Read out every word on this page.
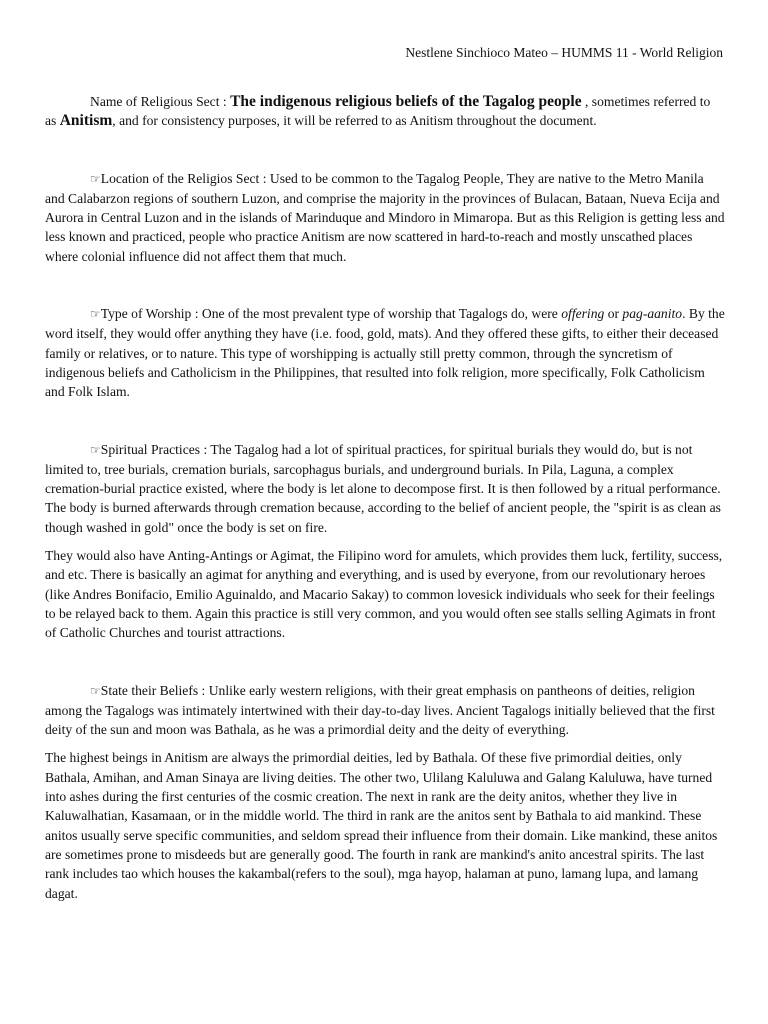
Nestlene Sinchioco Mateo – HUMMS 11 - World Religion

Name of Religious Sect : The indigenous religious beliefs of the Tagalog people , sometimes referred to as Anitism, and for consistency purposes, it will be referred to as Anitism throughout the document.

☞Location of the Religios Sect : Used to be common to the Tagalog People, They are native to the Metro Manila and Calabarzon regions of southern Luzon, and comprise the majority in the provinces of Bulacan, Bataan, Nueva Ecija and Aurora in Central Luzon and in the islands of Marinduque and Mindoro in Mimaropa. But as this Religion is getting less and less known and practiced, people who practice Anitism are now scattered in hard-to-reach and mostly unscathed places where colonial influence did not affect them that much.

☞Type of Worship : One of the most prevalent type of worship that Tagalogs do, were offering or pag-aanito. By the word itself, they would offer anything they have (i.e. food, gold, mats). And they offered these gifts, to either their deceased family or relatives, or to nature. This type of worshipping is actually still pretty common, through the syncretism of indigenous beliefs and Catholicism in the Philippines, that resulted into folk religion, more specifically, Folk Catholicism and Folk Islam.

☞Spiritual Practices : The Tagalog had a lot of spiritual practices, for spiritual burials they would do, but is not limited to, tree burials, cremation burials, sarcophagus burials, and underground burials. In Pila, Laguna, a complex cremation-burial practice existed, where the body is let alone to decompose first. It is then followed by a ritual performance. The body is burned afterwards through cremation because, according to the belief of ancient people, the "spirit is as clean as though washed in gold" once the body is set on fire.

They would also have Anting-Antings or Agimat, the Filipino word for amulets, which provides them luck, fertility, success, and etc. There is basically an agimat for anything and everything, and is used by everyone, from our revolutionary heroes (like Andres Bonifacio, Emilio Aguinaldo, and Macario Sakay) to common lovesick individuals who seek for their feelings to be relayed back to them. Again this practice is still very common, and you would often see stalls selling Agimats in front of Catholic Churches and tourist attractions.

☞State their Beliefs : Unlike early western religions, with their great emphasis on pantheons of deities, religion among the Tagalogs was intimately intertwined with their day-to-day lives. Ancient Tagalogs initially believed that the first deity of the sun and moon was Bathala, as he was a primordial deity and the deity of everything.

The highest beings in Anitism are always the primordial deities, led by Bathala. Of these five primordial deities, only Bathala, Amihan, and Aman Sinaya are living deities. The other two, Ulilang Kaluluwa and Galang Kaluluwa, have turned into ashes during the first centuries of the cosmic creation. The next in rank are the deity anitos, whether they live in Kaluwalhatian, Kasamaan, or in the middle world. The third in rank are the anitos sent by Bathala to aid mankind. These anitos usually serve specific communities, and seldom spread their influence from their domain. Like mankind, these anitos are sometimes prone to misdeeds but are generally good. The fourth in rank are mankind's anito ancestral spirits. The last rank includes tao which houses the kakambal(refers to the soul), mga hayop, halaman at puno, lamang lupa, and lamang dagat.
